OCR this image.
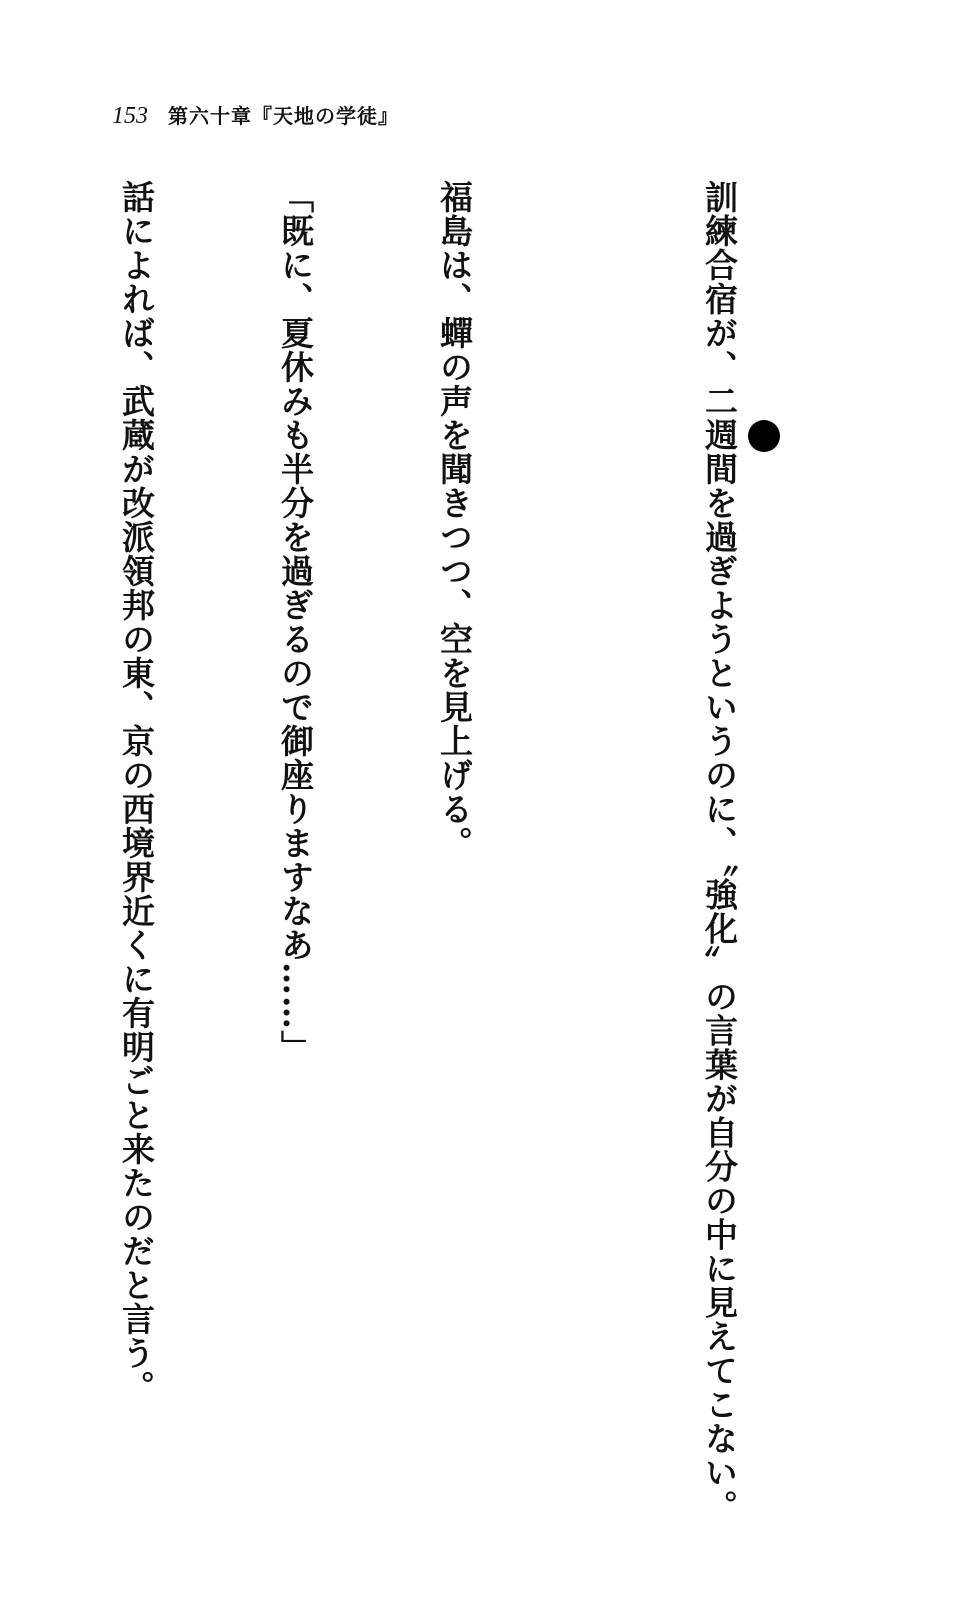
153 第六十章『天地の学徒』

訓練合宿が、二週間を過ぎようというのに、〝強化〟の言葉が自分の中に見えてこない。

福島は、蟬の声を聞きつつ、空を見上げる。

「既に、夏休みも半分を過ぎるので御座りますなあ……」

話によれば、武蔵が改派領邦の東、京の西境界近くに有明ごと来たのだと言う。
